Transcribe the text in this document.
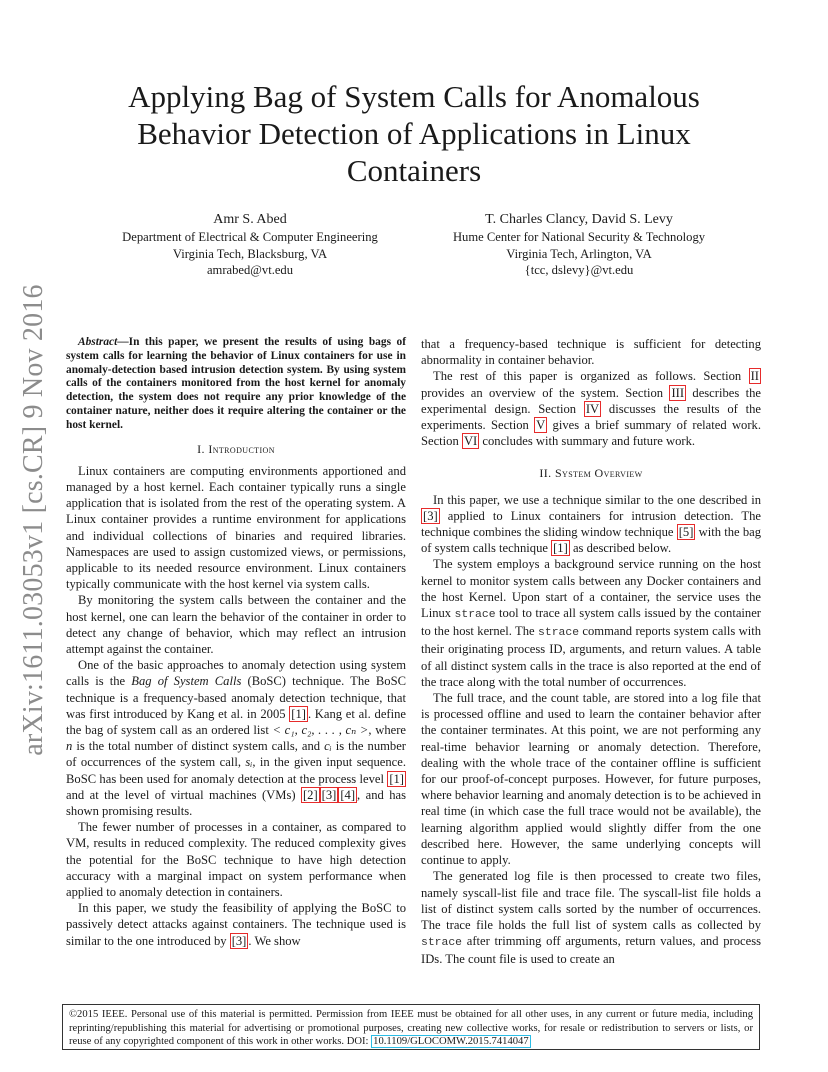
arXiv:1611.03053v1 [cs.CR] 9 Nov 2016
Applying Bag of System Calls for Anomalous Behavior Detection of Applications in Linux Containers
Amr S. Abed
Department of Electrical & Computer Engineering
Virginia Tech, Blacksburg, VA
amrabed@vt.edu
T. Charles Clancy, David S. Levy
Hume Center for National Security & Technology
Virginia Tech, Arlington, VA
{tcc, dslevy}@vt.edu

Abstract—In this paper, we present the results of using bags of system calls for learning the behavior of Linux containers for use in anomaly-detection based intrusion detection system. By using system calls of the containers monitored from the host kernel for anomaly detection, the system does not require any prior knowledge of the container nature, neither does it require altering the container or the host kernel.

I. Introduction

Linux containers are computing environments apportioned and managed by a host kernel. Each container typically runs a single application that is isolated from the rest of the operating system. A Linux container provides a runtime environment for applications and individual collections of binaries and required libraries. Namespaces are used to assign customized views, or permissions, applicable to its needed resource environment. Linux containers typically communicate with the host kernel via system calls.

By monitoring the system calls between the container and the host kernel, one can learn the behavior of the container in order to detect any change of behavior, which may reflect an intrusion attempt against the container.

One of the basic approaches to anomaly detection using system calls is the Bag of System Calls (BoSC) technique. The BoSC technique is a frequency-based anomaly detection technique, that was first introduced by Kang et al. in 2005 [1] . Kang et al. define the bag of system call as an ordered list < c₁, c₂, . . . , cₙ >, where n is the total number of distinct system calls, and cᵢ is the number of occurrences of the system call, sᵢ, in the given input sequence. BoSC has been used for anomaly detection at the process level [1] and at the level of virtual machines (VMs) [2] [3] [4] , and has shown promising results.

The fewer number of processes in a container, as compared to VM, results in reduced complexity. The reduced complexity gives the potential for the BoSC technique to have high detection accuracy with a marginal impact on system performance when applied to anomaly detection in containers.

In this paper, we study the feasibility of applying the BoSC to passively detect attacks against containers. The technique used is similar to the one introduced by [3] . We show

that a frequency-based technique is sufficient for detecting abnormality in container behavior.

The rest of this paper is organized as follows. Section II provides an overview of the system. Section III describes the experimental design. Section IV discusses the results of the experiments. Section V gives a brief summary of related work. Section VI concludes with summary and future work.

II. System Overview

In this paper, we use a technique similar to the one described in [3] applied to Linux containers for intrusion detection. The technique combines the sliding window technique [5] with the bag of system calls technique [1] as described below.

The system employs a background service running on the host kernel to monitor system calls between any Docker containers and the host Kernel. Upon start of a container, the service uses the Linux strace tool to trace all system calls issued by the container to the host kernel. The strace command reports system calls with their originating process ID, arguments, and return values. A table of all distinct system calls in the trace is also reported at the end of the trace along with the total number of occurrences.

The full trace, and the count table, are stored into a log file that is processed offline and used to learn the container behavior after the container terminates. At this point, we are not performing any real-time behavior learning or anomaly detection. Therefore, dealing with the whole trace of the container offline is sufficient for our proof-of-concept purposes. However, for future purposes, where behavior learning and anomaly detection is to be achieved in real time (in which case the full trace would not be available), the learning algorithm applied would slightly differ from the one described here. However, the same underlying concepts will continue to apply.

The generated log file is then processed to create two files, namely syscall-list file and trace file. The syscall-list file holds a list of distinct system calls sorted by the number of occurrences. The trace file holds the full list of system calls as collected by strace after trimming off arguments, return values, and process IDs. The count file is used to create an

©2015 IEEE. Personal use of this material is permitted. Permission from IEEE must be obtained for all other uses, in any current or future media, including reprinting/republishing this material for advertising or promotional purposes, creating new collective works, for resale or redistribution to servers or lists, or reuse of any copyrighted component of this work in other works. DOI: 10.1109/GLOCOMW.2015.7414047
